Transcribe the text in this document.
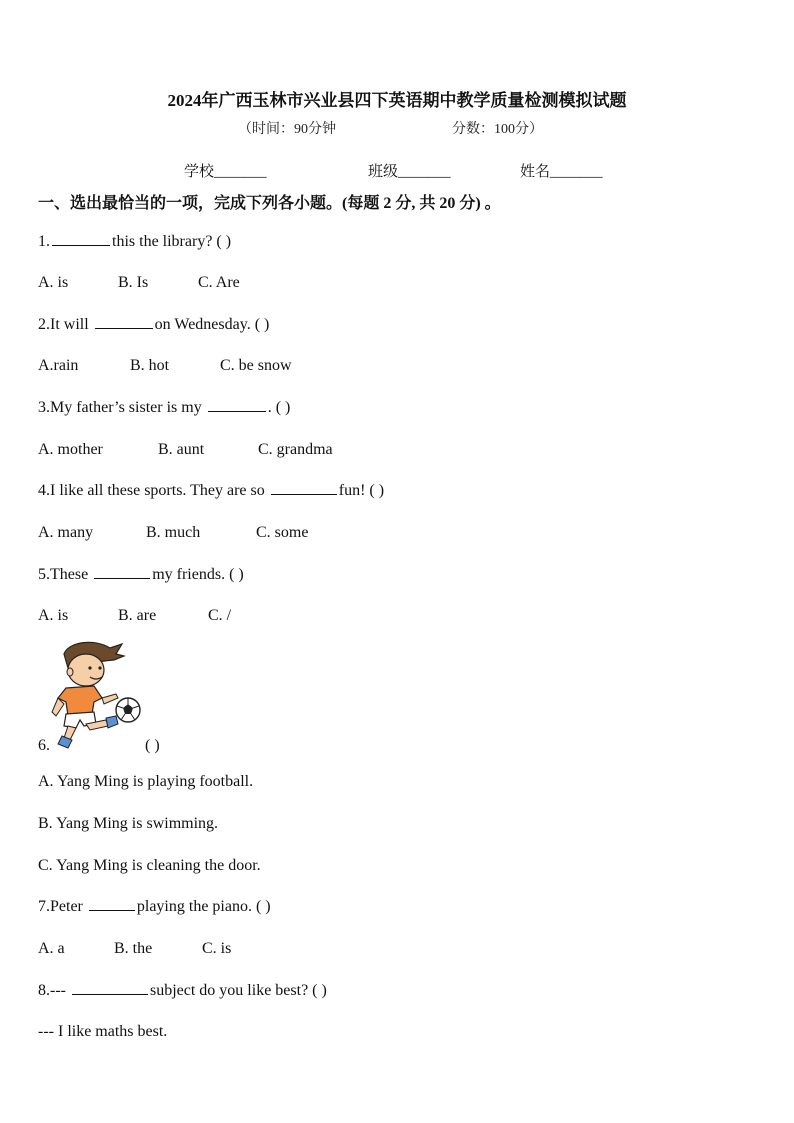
2024年广西玉林市兴业县四下英语期中教学质量检测模拟试题
（时间：90分钟	分数：100分）
学校_______	班级_______	姓名_______
一、选出最恰当的一项，完成下列各小题。(每题 2 分, 共 20 分) 。
1.	this the library? ( )
A. is	B. Is	C. Are
2.It will	on Wednesday. ( )
A.rain	B. hot	C. be snow
3.My father’s sister is my	. ( )
A. mother	B. aunt	C. grandma
4.I like all these sports. They are so	fun! ( )
A. many	B. much	C. some
5.These	my friends. ( )
A. is	B. are	C. /
6.	( )
A. Yang Ming is playing football.
B. Yang Ming is swimming.
C. Yang Ming is cleaning the door.
7.Peter	playing the piano. ( )
A. a	B. the	C. is
8.---	subject do you like best? ( )
--- I like maths best.
